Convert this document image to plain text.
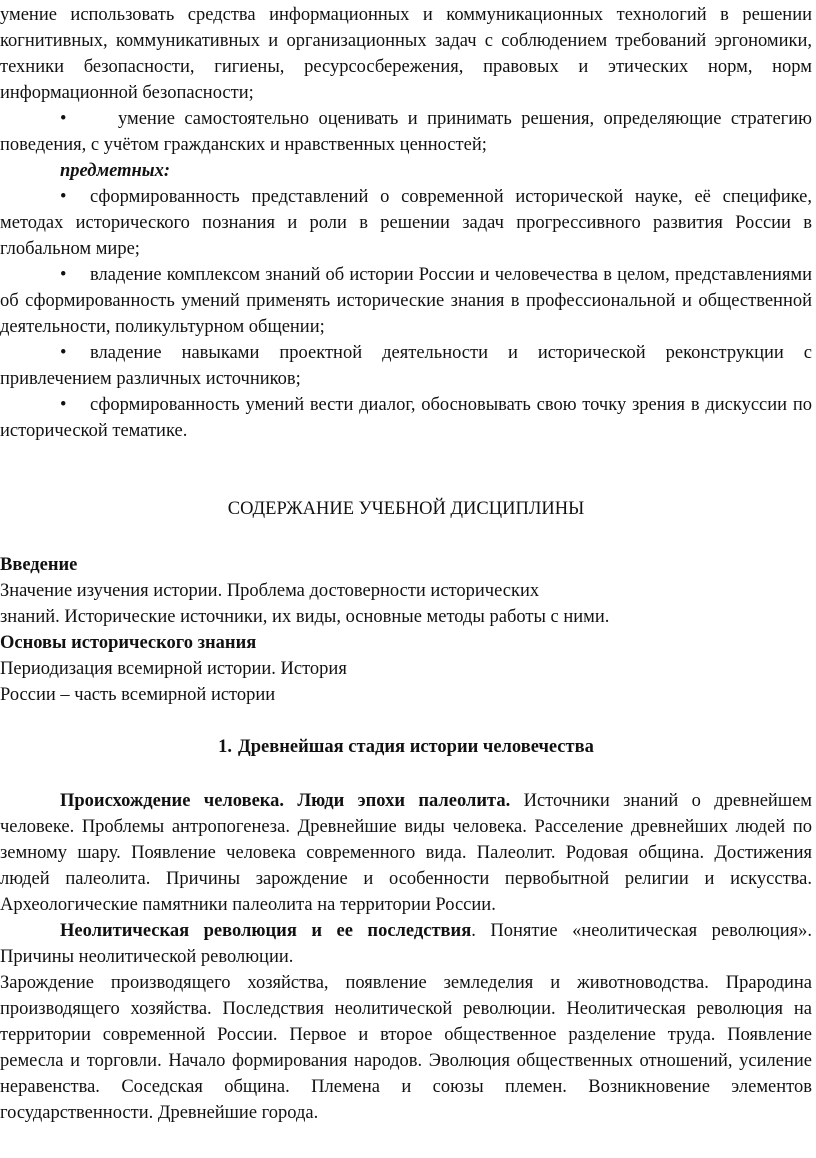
умение использовать средства информационных и коммуникационных технологий в решении когнитивных, коммуникативных и организационных задач с соблюдением требований эргономики, техники безопасности, гигиены, ресурсосбережения, правовых и этических норм, норм информационной безопасности;

•	умение самостоятельно оценивать и принимать решения, определяющие стратегию поведения, с учётом гражданских и нравственных ценностей;

предметных:

• сформированность представлений о современной исторической науке, её специфике, методах исторического познания и роли в решении задач прогрессивного развития России в глобальном мире;

• владение комплексом знаний об истории России и человечества в целом, представлениями об сформированность умений применять исторические знания в профессиональной и общественной деятельности, поликультурном общении;

• владение навыками проектной деятельности и исторической реконструкции с привлечением различных источников;

• сформированность умений вести диалог, обосновывать свою точку зрения в дискуссии по исторической тематике.

СОДЕРЖАНИЕ УЧЕБНОЙ ДИСЦИПЛИНЫ

Введение

Значение изучения истории. Проблема достоверности исторических

знаний. Исторические источники, их виды, основные методы работы с ними.

Основы исторического знания

Периодизация всемирной истории. История

России – часть всемирной истории

1. Древнейшая стадия истории человечества

Происхождение человека. Люди эпохи палеолита. Источники знаний о древнейшем человеке. Проблемы антропогенеза. Древнейшие виды человека. Расселение древнейших людей по земному шару. Появление человека современного вида. Палеолит. Родовая община. Достижения людей палеолита. Причины зарождение и особенности первобытной религии и искусства. Археологические памятники палеолита на территории России.

Неолитическая революция и ее последствия. Понятие «неолитическая революция». Причины неолитической революции.

Зарождение производящего хозяйства, появление земледелия и животноводства. Прародина производящего хозяйства. Последствия неолитической революции. Неолитическая революция на территории современной России. Первое и второе общественное разделение труда. Появление ремесла и торговли. Начало формирования народов. Эволюция общественных отношений, усиление неравенства. Соседская община. Племена и союзы племен. Возникновение элементов государственности. Древнейшие города.
